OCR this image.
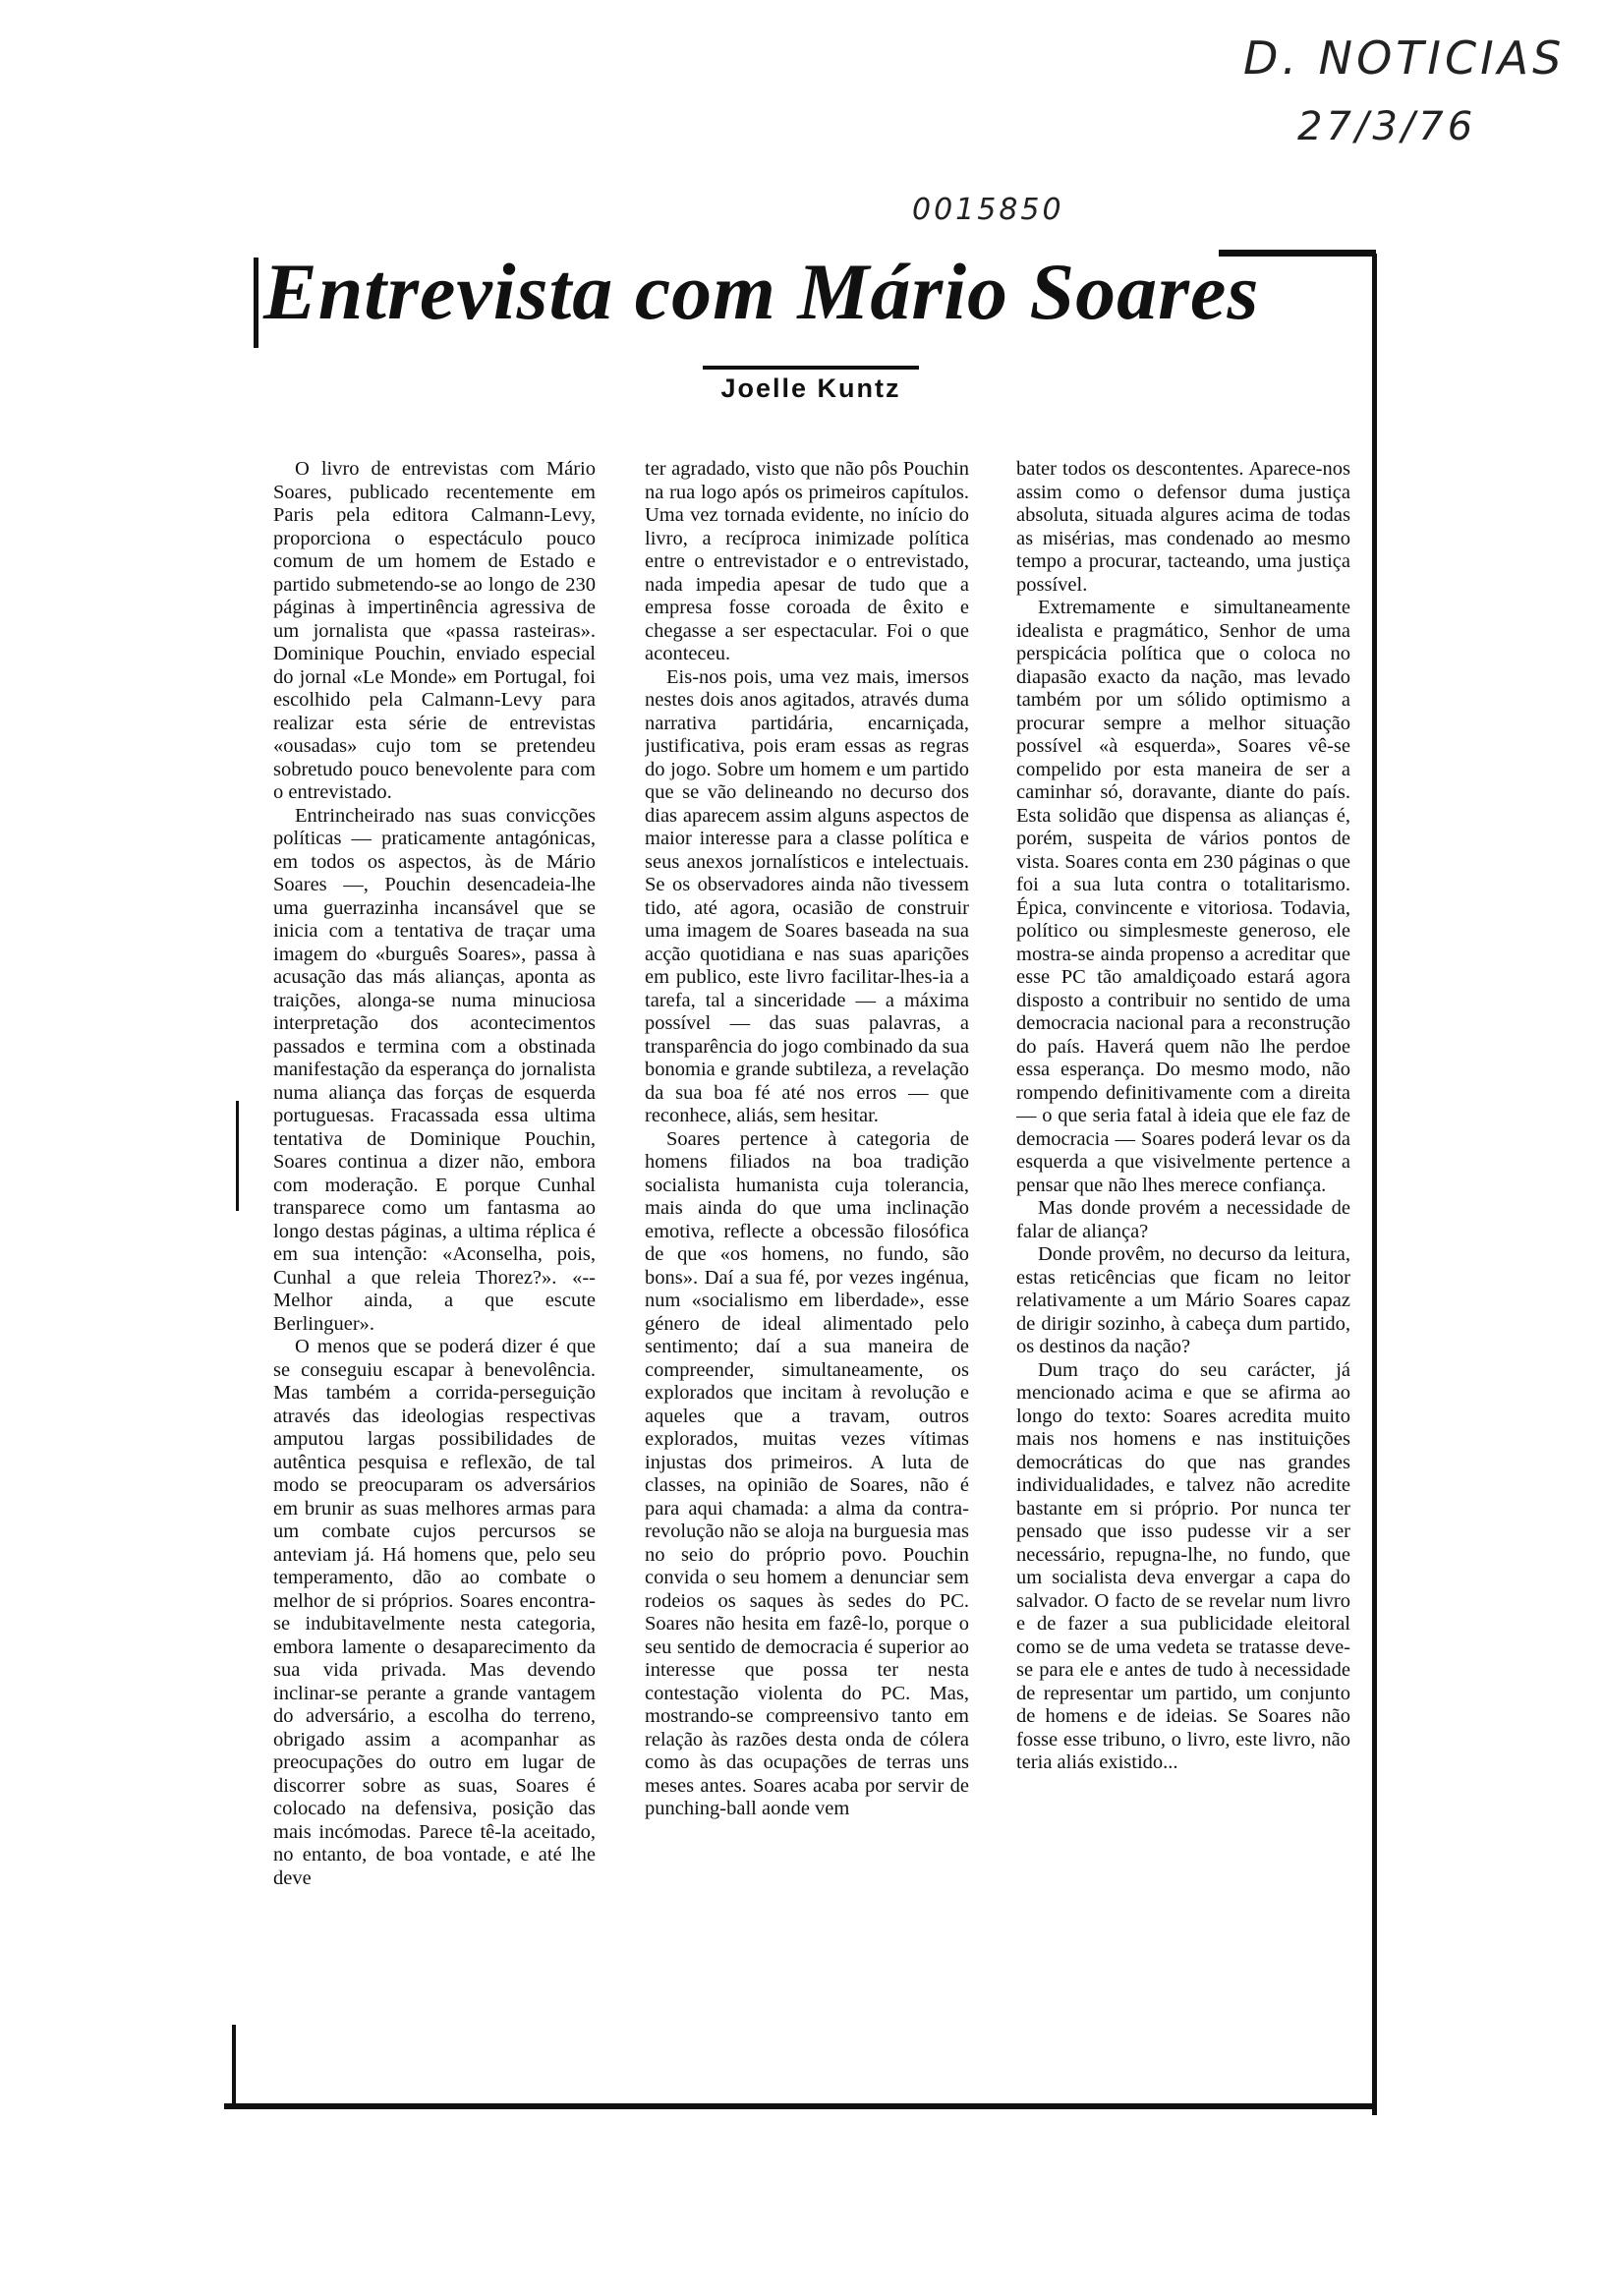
D. NOTICIAS
27/3/76
0015850
Entrevista com Mário Soares
Joelle Kuntz

O livro de entrevistas com Mário Soares, publicado recentemente em Paris pela editora Calmann-Levy, proporciona o espectáculo pouco comum de um homem de Estado e partido submetendo-se ao longo de 230 páginas à impertinência agressiva de um jornalista que «passa rasteiras». Dominique Pouchin, enviado especial do jornal «Le Monde» em Portugal, foi escolhido pela Calmann-Levy para realizar esta série de entrevistas «ousadas» cujo tom se pretendeu sobretudo pouco benevolente para com o entrevistado.

Entrincheirado nas suas convicções políticas — praticamente antagónicas, em todos os aspectos, às de Mário Soares —, Pouchin desencadeia-lhe uma guerrazinha incansável que se inicia com a tentativa de traçar uma imagem do «burguês Soares», passa à acusação das más alianças, aponta as traições, alonga-se numa minuciosa interpretação dos acontecimentos passados e termina com a obstinada manifestação da esperança do jornalista numa aliança das forças de esquerda portuguesas. Fracassada essa ultima tentativa de Dominique Pouchin, Soares continua a dizer não, embora com moderação. E porque Cunhal transparece como um fantasma ao longo destas páginas, a ultima réplica é em sua intenção: «Aconselha, pois, Cunhal a que releia Thorez?». «--Melhor ainda, a que escute Berlinguer».

O menos que se poderá dizer é que se conseguiu escapar à benevolência. Mas também a corrida-perseguição através das ideologias respectivas amputou largas possibilidades de autêntica pesquisa e reflexão, de tal modo se preocuparam os adversários em brunir as suas melhores armas para um combate cujos percursos se anteviam já. Há homens que, pelo seu temperamento, dão ao combate o melhor de si próprios. Soares encontra-se indubitavelmente nesta categoria, embora lamente o desaparecimento da sua vida privada. Mas devendo inclinar-se perante a grande vantagem do adversário, a escolha do terreno, obrigado assim a acompanhar as preocupações do outro em lugar de discorrer sobre as suas, Soares é colocado na defensiva, posição das mais incómodas. Parece tê-la aceitado, no entanto, de boa vontade, e até lhe deve

ter agradado, visto que não pôs Pouchin na rua logo após os primeiros capítulos. Uma vez tornada evidente, no início do livro, a recíproca inimizade política entre o entrevistador e o entrevistado, nada impedia apesar de tudo que a empresa fosse coroada de êxito e chegasse a ser espectacular. Foi o que aconteceu.

Eis-nos pois, uma vez mais, imersos nestes dois anos agitados, através duma narrativa partidária, encarniçada, justificativa, pois eram essas as regras do jogo. Sobre um homem e um partido que se vão delineando no decurso dos dias aparecem assim alguns aspectos de maior interesse para a classe política e seus anexos jornalísticos e intelectuais. Se os observadores ainda não tivessem tido, até agora, ocasião de construir uma imagem de Soares baseada na sua acção quotidiana e nas suas aparições em publico, este livro facilitar-lhes-ia a tarefa, tal a sinceridade — a máxima possível — das suas palavras, a transparência do jogo combinado da sua bonomia e grande subtileza, a revelação da sua boa fé até nos erros — que reconhece, aliás, sem hesitar.

Soares pertence à categoria de homens filiados na boa tradição socialista humanista cuja tolerancia, mais ainda do que uma inclinação emotiva, reflecte a obcessão filosófica de que «os homens, no fundo, são bons». Daí a sua fé, por vezes ingénua, num «socialismo em liberdade», esse género de ideal alimentado pelo sentimento; daí a sua maneira de compreender, simultaneamente, os explorados que incitam à revolução e aqueles que a travam, outros explorados, muitas vezes vítimas injustas dos primeiros. A luta de classes, na opinião de Soares, não é para aqui chamada: a alma da contra-revolução não se aloja na burguesia mas no seio do próprio povo. Pouchin convida o seu homem a denunciar sem rodeios os saques às sedes do PC. Soares não hesita em fazê-lo, porque o seu sentido de democracia é superior ao interesse que possa ter nesta contestação violenta do PC. Mas, mostrando-se compreensivo tanto em relação às razões desta onda de cólera como às das ocupações de terras uns meses antes. Soares acaba por servir de punching-ball aonde vem

bater todos os descontentes. Aparece-nos assim como o defensor duma justiça absoluta, situada algures acima de todas as misérias, mas condenado ao mesmo tempo a procurar, tacteando, uma justiça possível.

Extremamente e simultaneamente idealista e pragmático, Senhor de uma perspicácia política que o coloca no diapasão exacto da nação, mas levado também por um sólido optimismo a procurar sempre a melhor situação possível «à esquerda», Soares vê-se compelido por esta maneira de ser a caminhar só, doravante, diante do país. Esta solidão que dispensa as alianças é, porém, suspeita de vários pontos de vista. Soares conta em 230 páginas o que foi a sua luta contra o totalitarismo. Épica, convincente e vitoriosa. Todavia, político ou simplesmeste generoso, ele mostra-se ainda propenso a acreditar que esse PC tão amaldiçoado estará agora disposto a contribuir no sentido de uma democracia nacional para a reconstrução do país. Haverá quem não lhe perdoe essa esperança. Do mesmo modo, não rompendo definitivamente com a direita — o que seria fatal à ideia que ele faz de democracia — Soares poderá levar os da esquerda a que visivelmente pertence a pensar que não lhes merece confiança.

Mas donde provém a necessidade de falar de aliança?

Donde provêm, no decurso da leitura, estas reticências que ficam no leitor relativamente a um Mário Soares capaz de dirigir sozinho, à cabeça dum partido, os destinos da nação?

Dum traço do seu carácter, já mencionado acima e que se afirma ao longo do texto: Soares acredita muito mais nos homens e nas instituições democráticas do que nas grandes individualidades, e talvez não acredite bastante em si próprio. Por nunca ter pensado que isso pudesse vir a ser necessário, repugna-lhe, no fundo, que um socialista deva envergar a capa do salvador. O facto de se revelar num livro e de fazer a sua publicidade eleitoral como se de uma vedeta se tratasse deve-se para ele e antes de tudo à necessidade de representar um partido, um conjunto de homens e de ideias. Se Soares não fosse esse tribuno, o livro, este livro, não teria aliás existido...
